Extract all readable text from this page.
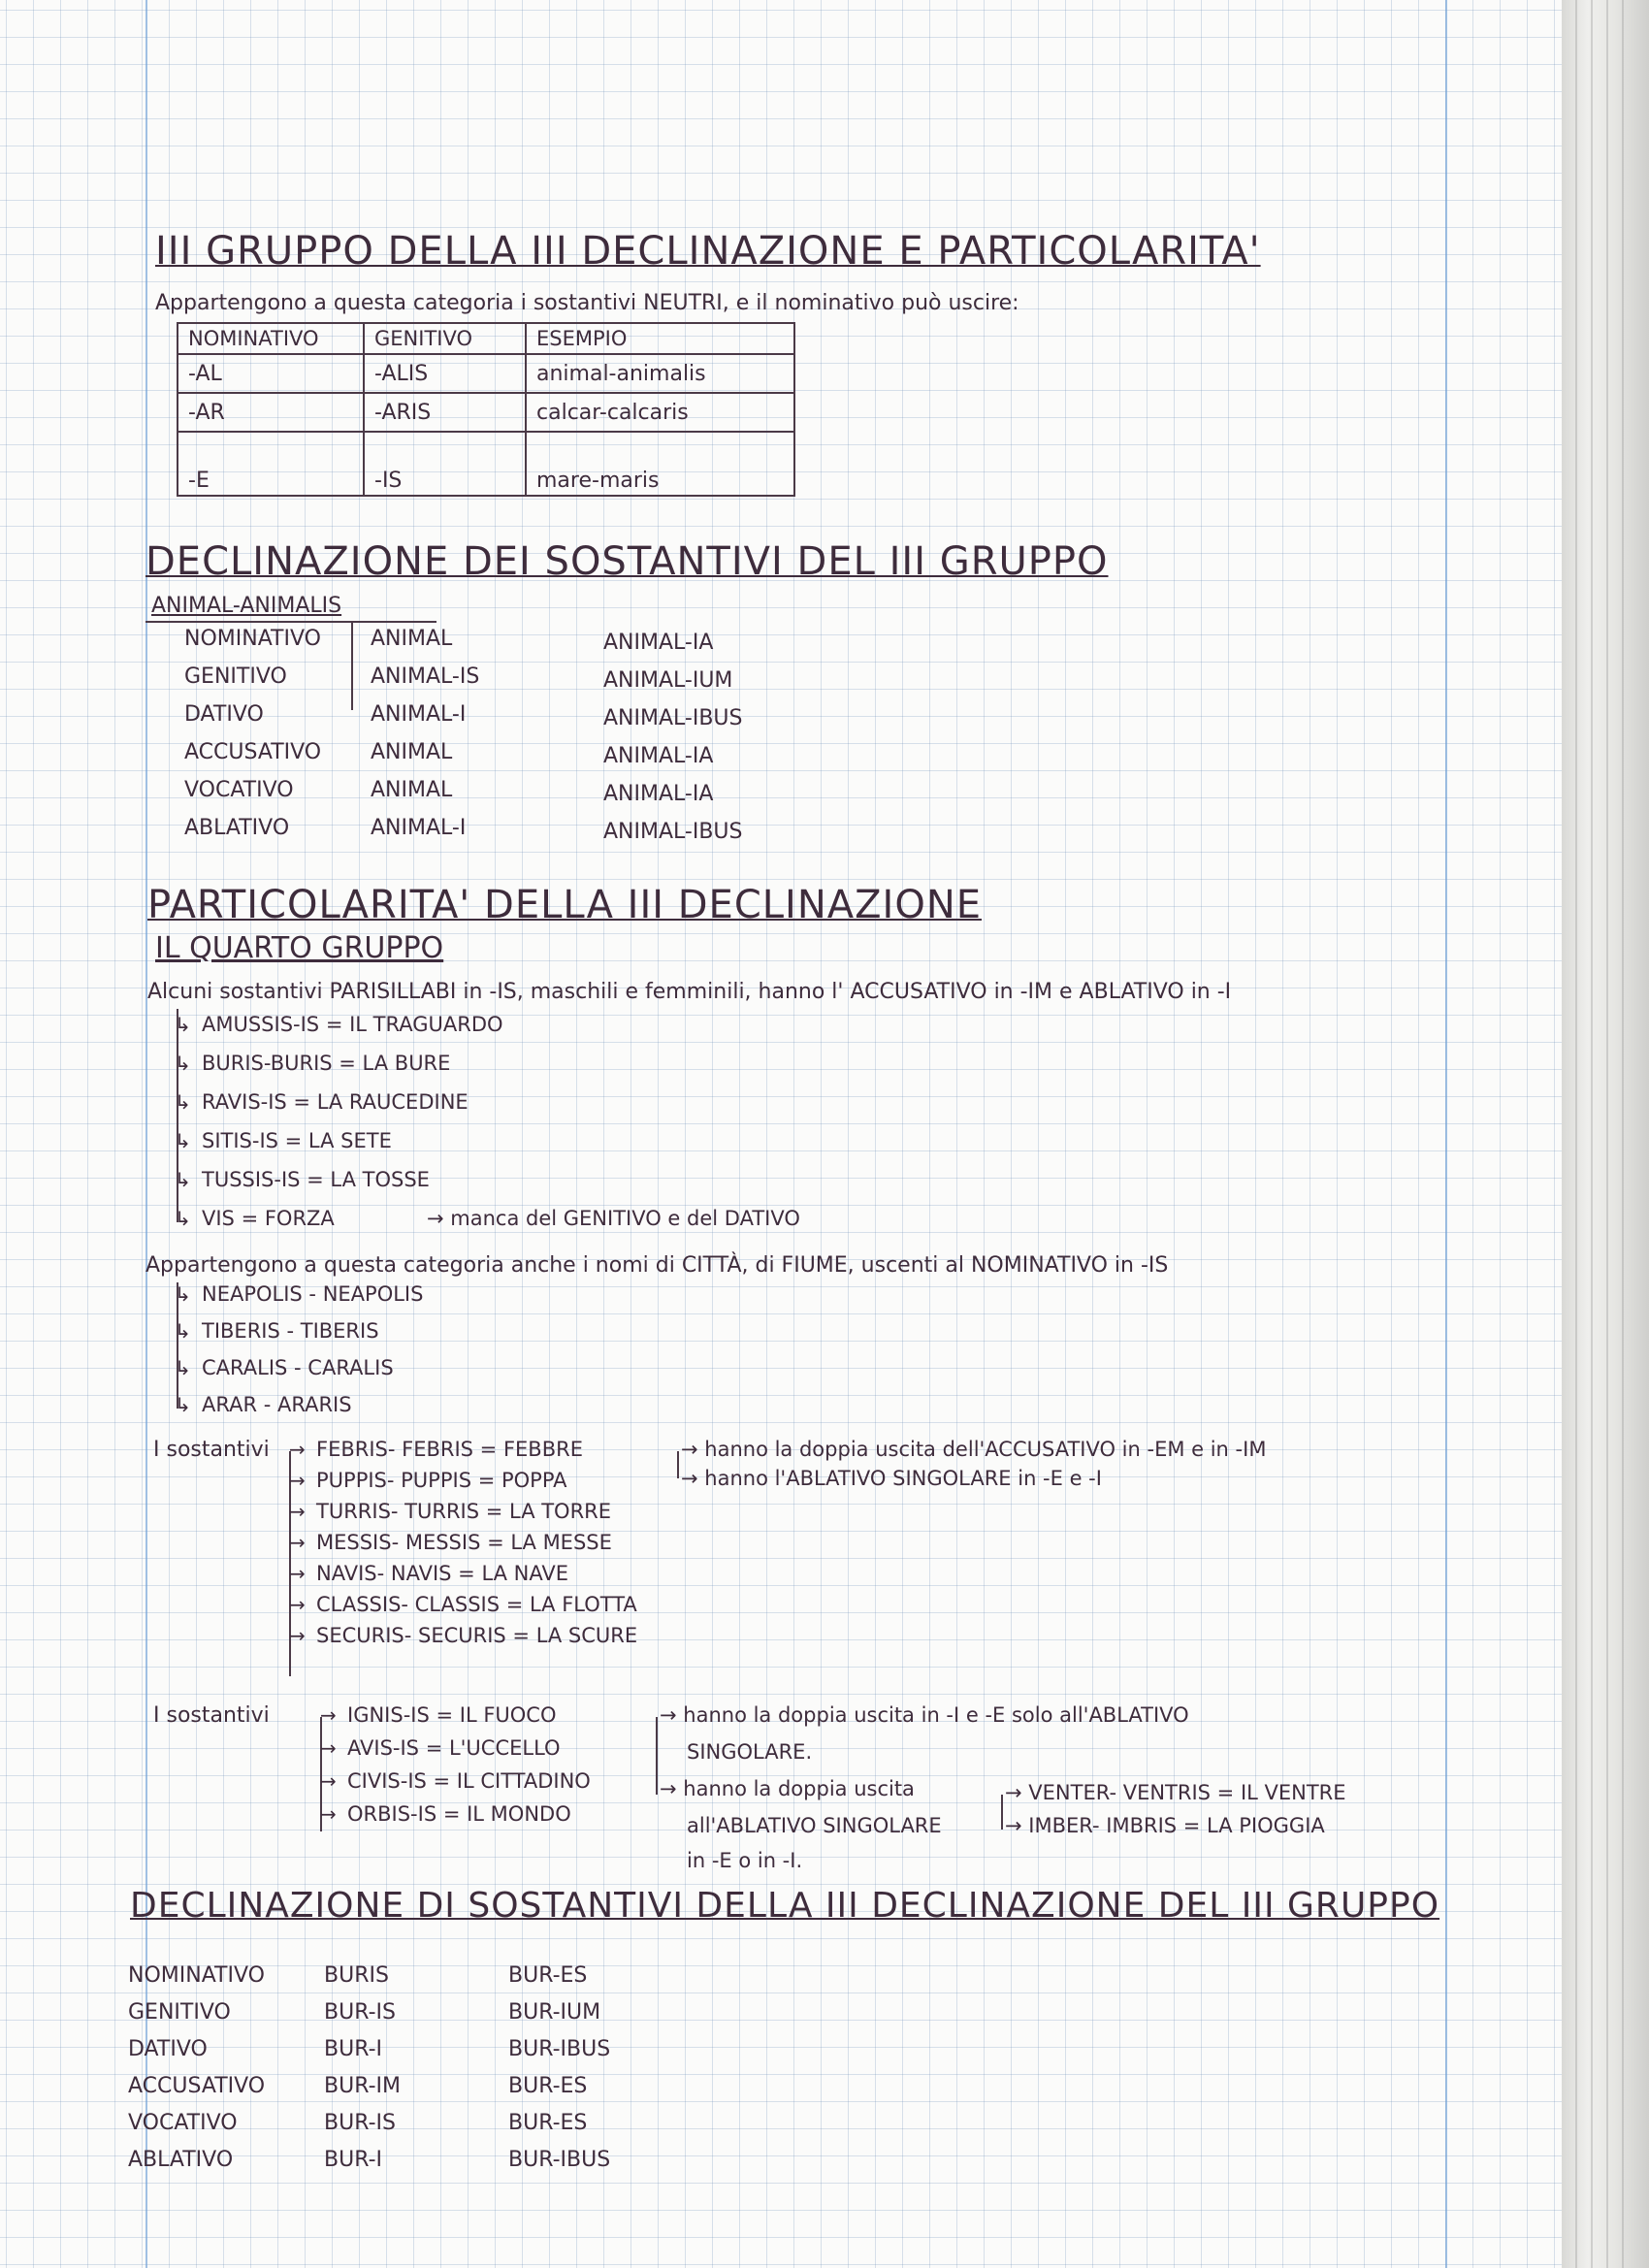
III GRUPPO DELLA III DECLINAZIONE E PARTICOLARITA'
Appartengono a questa categoria i sostantivi NEUTRI, e il nominativo può uscire:
NOMINATIVO	GENITIVO	ESEMPIO
-AL	-ALIS	animal-animalis
-AR	-ARIS	calcar-calcaris
-E	-IS	mare-maris
DECLINAZIONE DEI SOSTANTIVI DEL III GRUPPO
ANIMAL-ANIMALIS
NOMINATIVO ANIMAL	ANIMAL-IA
GENITIVO	ANIMAL-IS	ANIMAL-IUM
DATIVO	ANIMAL-I	ANIMAL-IBUS
ACCUSATIVO ANIMAL	ANIMAL-IA
VOCATIVO	ANIMAL	ANIMAL-IA
ABLATIVO	ANIMAL-I	ANIMAL-IBUS
PARTICOLARITA' DELLA III DECLINAZIONE
IL QUARTO GRUPPO
Alcuni sostantivi PARISILLABI in -IS, maschili e femminili, hanno l' ACCUSATIVO in -IM e ABLATIVO in -I
↳ AMUSSIS-IS = IL TRAGUARDO
↳ BURIS-BURIS = LA BURE
↳ RAVIS-IS = LA RAUCEDINE
↳ SITIS-IS = LA SETE
↳ TUSSIS-IS = LA TOSSE
↳ VIS = FORZA	→ manca del GENITIVO e del DATIVO
Appartengono a questa categoria anche i nomi di CITTÀ, di FIUME, uscenti al NOMINATIVO in -IS
↳ NEAPOLIS - NEAPOLIS
↳ TIBERIS - TIBERIS
↳ CARALIS - CARALIS
↳ ARAR - ARARIS
I sostantivi → FEBRIS- FEBRIS = FEBBRE
→ PUPPIS- PUPPIS = POPPA
→ TURRIS- TURRIS = LA TORRE
→ MESSIS- MESSIS = LA MESSE
→ NAVIS- NAVIS = LA NAVE
→ CLASSIS- CLASSIS = LA FLOTTA
→ SECURIS- SECURIS = LA SCURE
→ hanno la doppia uscita dell'ACCUSATIVO in -EM e in -IM
→ hanno l'ABLATIVO SINGOLARE in -E e -I
I sostantivi	→ IGNIS-IS = IL FUOCO
→ AVIS-IS = L'UCCELLO
→ CIVIS-IS = IL CITTADINO
→ ORBIS-IS = IL MONDO
→ hanno la doppia uscita in -I e -E solo all'ABLATIVO
SINGOLARE.
→ hanno la doppia uscita
all'ABLATIVO SINGOLARE
in -E o in -I.
→ VENTER- VENTRIS = IL VENTRE
→ IMBER- IMBRIS = LA PIOGGIA
DECLINAZIONE DI SOSTANTIVI DELLA III DECLINAZIONE DEL III GRUPPO
NOMINATIVO	BURIS	BUR-ES
GENITIVO	BUR-IS	BUR-IUM
DATIVO	BUR-I	BUR-IBUS
ACCUSATIVO	BUR-IM	BUR-ES
VOCATIVO	BUR-IS	BUR-ES
ABLATIVO	BUR-I	BUR-IBUS
